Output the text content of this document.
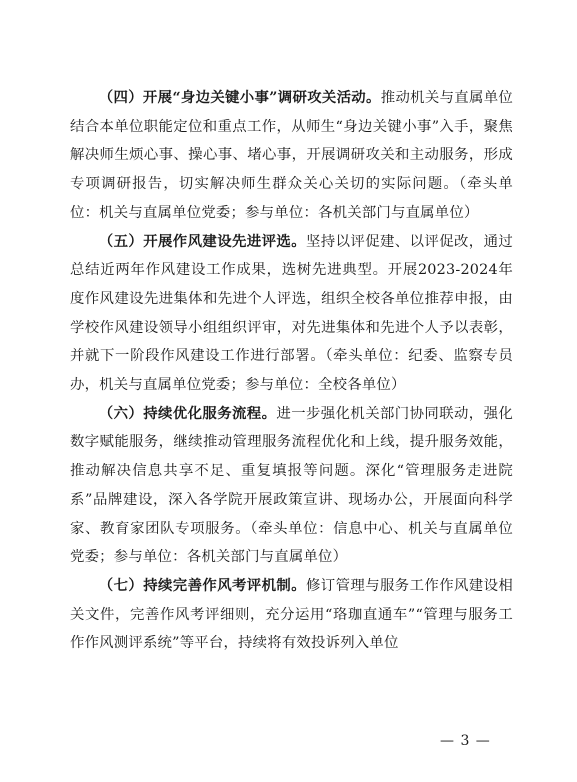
（四）开展“身边关键小事”调研攻关活动。推动机关与直属单位结合本单位职能定位和重点工作，从师生“身边关键小事”入手，聚焦解决师生烦心事、操心事、堵心事，开展调研攻关和主动服务，形成专项调研报告，切实解决师生群众关心关切的实际问题。（牵头单位：机关与直属单位党委；参与单位：各机关部门与直属单位）

（五）开展作风建设先进评选。坚持以评促建、以评促改，通过总结近两年作风建设工作成果，选树先进典型。开展2023-2024年度作风建设先进集体和先进个人评选，组织全校各单位推荐申报，由学校作风建设领导小组组织评审，对先进集体和先进个人予以表彰，并就下一阶段作风建设工作进行部署。（牵头单位：纪委、监察专员办，机关与直属单位党委；参与单位：全校各单位）

（六）持续优化服务流程。进一步强化机关部门协同联动，强化数字赋能服务，继续推动管理服务流程优化和上线，提升服务效能，推动解决信息共享不足、重复填报等问题。深化“管理服务走进院系”品牌建设，深入各学院开展政策宣讲、现场办公，开展面向科学家、教育家团队专项服务。（牵头单位：信息中心、机关与直属单位党委；参与单位：各机关部门与直属单位）

（七）持续完善作风考评机制。修订管理与服务工作作风建设相关文件，完善作风考评细则，充分运用“珞珈直通车”“管理与服务工作作风测评系统”等平台，持续将有效投诉列入单位

— 3 —
